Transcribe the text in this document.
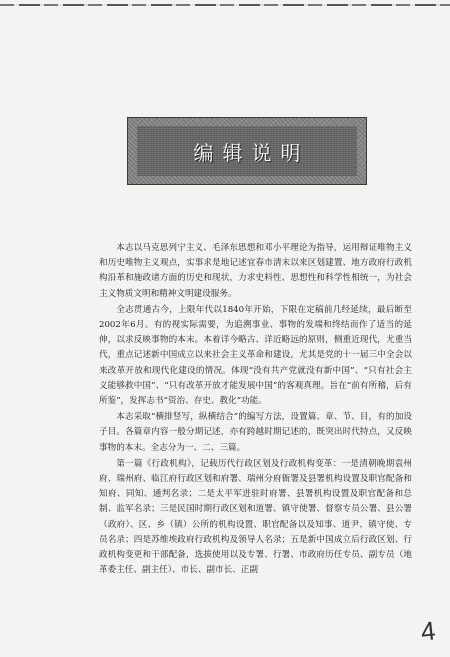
编辑说明

本志以马克思列宁主义、毛泽东思想和邓小平理论为指导，运用辩证唯物主义和历史唯物主义观点，实事求是地记述宜春市清末以来区划建置、地方政府行政机构沿革和施政诸方面的历史和现状，力求史料性、思想性和科学性相统一，为社会主义物质文明和精神文明建设服务。

全志贯通古今，上限年代以1840年开始，下限在定稿前几经延续，最后断至2002年6月。有的视实际需要，为追溯事业、事物的发端和终结而作了适当的延伸，以求反映事物的本末。本着详今略古、详近略远的原则，侧重近现代，尤重当代，重点记述新中国成立以来社会主义革命和建设，尤其是党的十一届三中全会以来改革开放和现代化建设的情况。体现“没有共产党就没有新中国”、“只有社会主义能够救中国”、“只有改革开放才能发展中国”的客观真理。旨在“前有所稽，后有所鉴”，发挥志书“资治、存史、教化”功能。

本志采取“横排竖写，纵横结合”的编写方法，设置篇、章、节、目，有的加设子目。各篇章内容一般分期记述，亦有跨越时期记述的，既突出时代特点，又反映事物的本末。全志分为一、二、三篇。

第一篇《行政机构》，记载历代行政区划及行政机构变革：一是清朝晚期袁州府、瑞州府、临江府行政区划和府署、瑞州分府衙署及县署机构设置及职官配备和知府、同知、通判名录；二是太平军进驻时府署、县署机构设置及职官配备和总制、监军名录；三是民国时期行政区划和道署、镇守使署、督察专员公署、县公署（政府）、区、乡（镇）公所的机构设置、职官配备以及知事、道尹、镇守使、专员名录；四是苏维埃政府行政机构及领导人名录；五是新中国成立后行政区划、行政机构变更和干部配备，选拔使用以及专署、行署、市政府历任专员、副专员（地革委主任、副主任）、市长、副市长、正副

4
